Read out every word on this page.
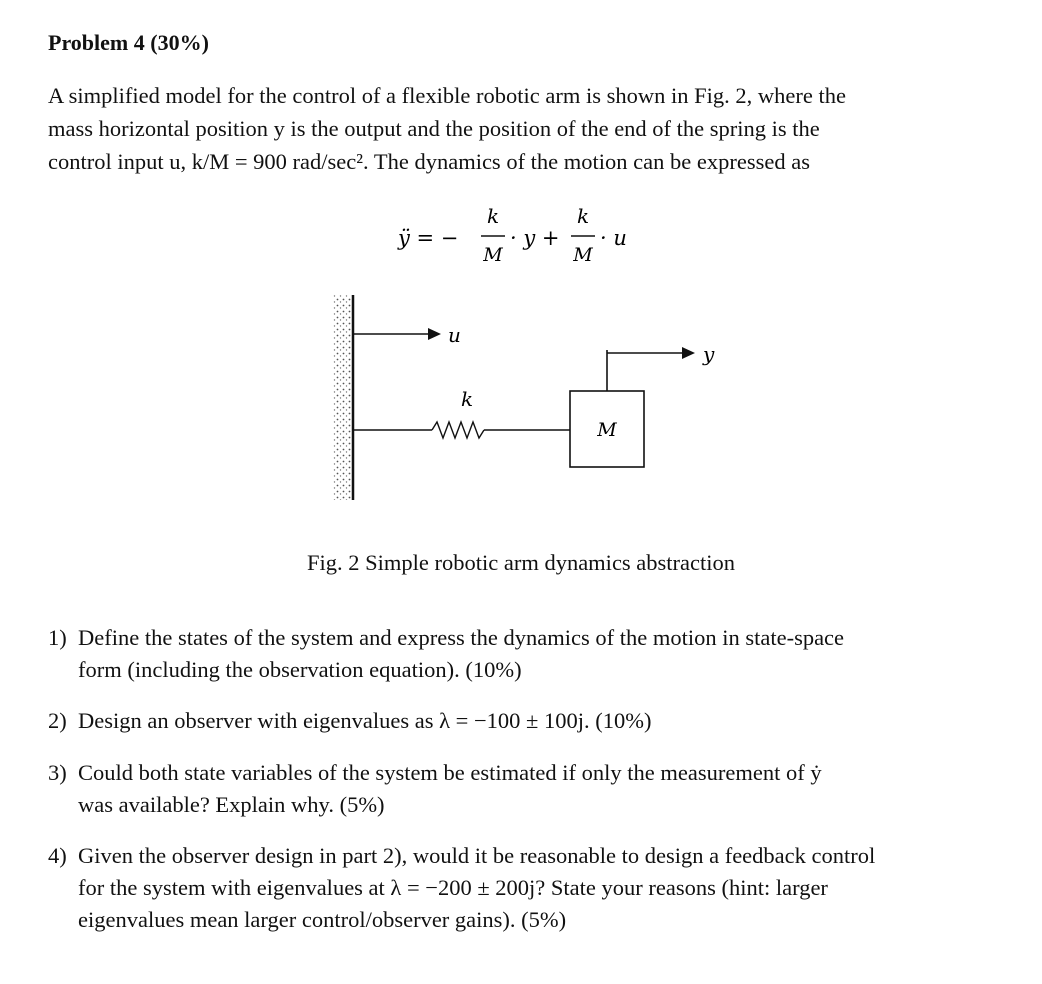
Problem 4 (30%)
A simplified model for the control of a flexible robotic arm is shown in Fig. 2, where the
mass horizontal position y is the output and the position of the end of the spring is the
control input u, k/M = 900 rad/sec². The dynamics of the motion can be expressed as
ÿ = −
k
M
· y +
k
M
· u
u
k
M
y
Fig. 2 Simple robotic arm dynamics abstraction
1) Define the states of the system and express the dynamics of the motion in state-space
form (including the observation equation). (10%)
2) Design an observer with eigenvalues as λ = −100 ± 100j. (10%)
3) Could both state variables of the system be estimated if only the measurement of ẏ
was available? Explain why. (5%)
4) Given the observer design in part 2), would it be reasonable to design a feedback control
for the system with eigenvalues at λ = −200 ± 200j? State your reasons (hint: larger
eigenvalues mean larger control/observer gains). (5%)
